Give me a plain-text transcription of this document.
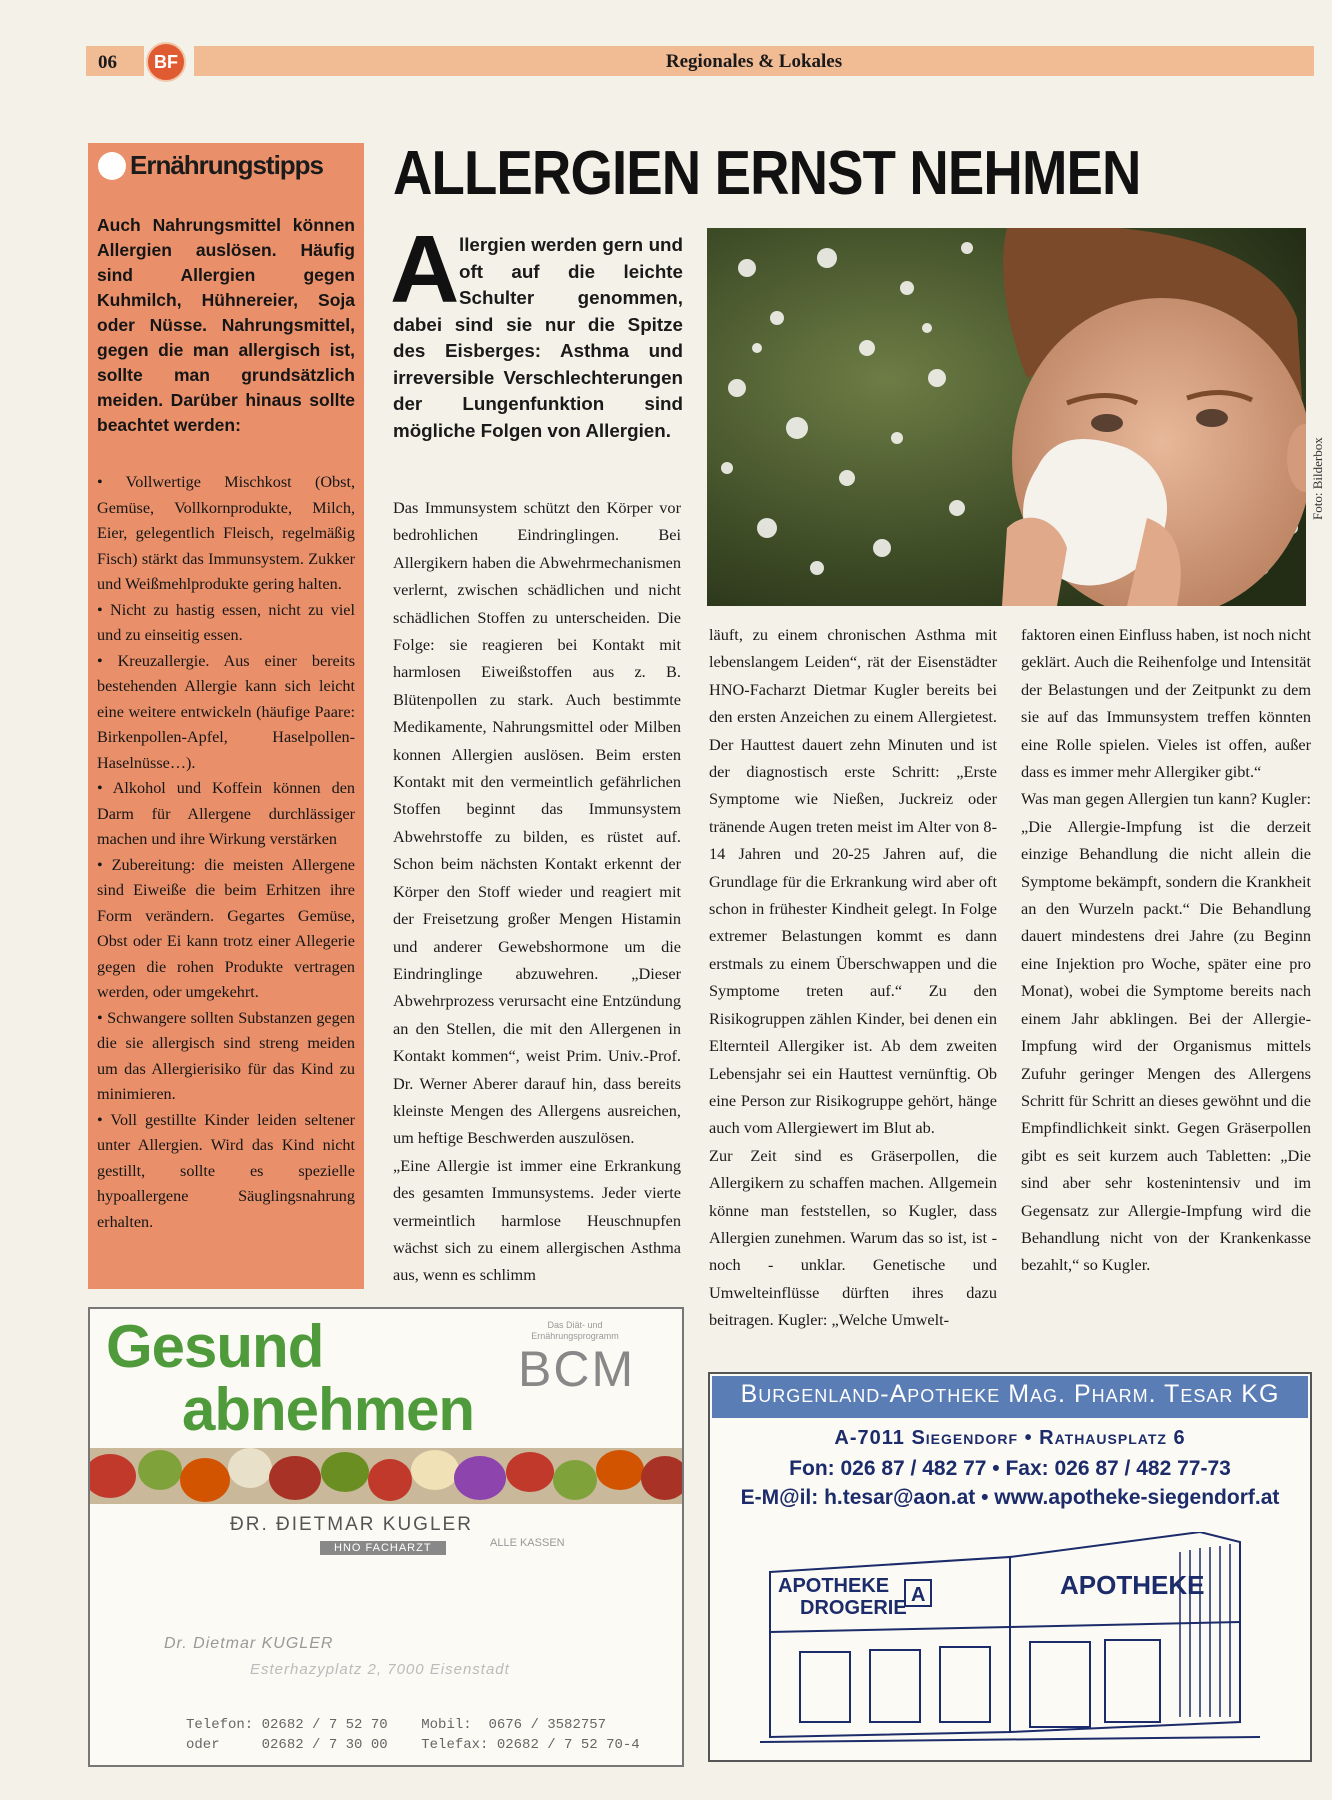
06	BF	Regionales & Lokales
Ernährungstipps
Auch Nahrungsmittel können Allergien auslösen. Häufig sind Allergien gegen Kuhmilch, Hühnereier, Soja oder Nüsse. Nahrungsmittel, gegen die man allergisch ist, sollte man grundsätzlich meiden. Darüber hinaus sollte beachtet werden:
• Vollwertige Mischkost (Obst, Gemüse, Vollkornprodukte, Milch, Eier, gelegentlich Fleisch, regelmäßig Fisch) stärkt das Immunsystem. Zukker und Weißmehlprodukte gering halten.
• Nicht zu hastig essen, nicht zu viel und zu einseitig essen.
• Kreuzallergie. Aus einer bereits bestehenden Allergie kann sich leicht eine weitere entwickeln (häufige Paare: Birkenpollen-Apfel, Haselpollen-Haselnüsse…).
• Alkohol und Koffein können den Darm für Allergene durchlässiger machen und ihre Wirkung verstärken
• Zubereitung: die meisten Allergene sind Eiweiße die beim Erhitzen ihre Form verändern. Gegartes Gemüse, Obst oder Ei kann trotz einer Allegerie gegen die rohen Produkte vertragen werden, oder umgekehrt.
• Schwangere sollten Substanzen gegen die sie allergisch sind streng meiden um das Allergierisiko für das Kind zu minimieren.
• Voll gestillte Kinder leiden seltener unter Allergien. Wird das Kind nicht gestillt, sollte es spezielle hypoallergene Säuglingsnahrung erhalten.
ALLERGIEN ERNST NEHMEN
A llergien werden gern und oft auf die leichte Schulter genommen, dabei sind sie nur die Spitze des Eisberges: Asthma und irreversible Verschlechterungen der Lungenfunktion sind mögliche Folgen von Allergien.

Das Immunsystem schützt den Körper vor bedrohlichen Eindringlingen. Bei Allergikern haben die Abwehrmechanismen verlernt, zwischen schädlichen und nicht schädlichen Stoffen zu unterscheiden. Die Folge: sie reagieren bei Kontakt mit harmlosen Eiweißstoffen aus z. B. Blütenpollen zu stark. Auch bestimmte Medikamente, Nahrungsmittel oder Milben konnen Allergien auslösen. Beim ersten Kontakt mit den vermeintlich gefährlichen Stoffen beginnt das Immunsystem Abwehrstoffe zu bilden, es rüstet auf. Schon beim nächsten Kontakt erkennt der Körper den Stoff wieder und reagiert mit der Freisetzung großer Mengen Histamin und anderer Gewebshormone um die Eindringlinge abzuwehren. „Dieser Abwehrprozess verursacht eine Entzündung an den Stellen, die mit den Allergenen in Kontakt kommen“, weist Prim. Univ.-Prof. Dr. Werner Aberer darauf hin, dass bereits kleinste Mengen des Allergens ausreichen, um heftige Beschwerden auszulösen.

„Eine Allergie ist immer eine Erkrankung des gesamten Immunsystems. Jeder vierte vermeintlich harmlose Heuschnupfen wächst sich zu einem allergischen Asthma aus, wenn es schlimm

läuft, zu einem chronischen Asthma mit lebenslangem Leiden“, rät der Eisenstädter HNO-Facharzt Dietmar Kugler bereits bei den ersten Anzeichen zu einem Allergietest. Der Hauttest dauert zehn Minuten und ist der diagnostisch erste Schritt: „Erste Symptome wie Nießen, Juckreiz oder tränende Augen treten meist im Alter von 8-14 Jahren und 20-25 Jahren auf, die Grundlage für die Erkrankung wird aber oft schon in frühester Kindheit gelegt. In Folge extremer Belastungen kommt es dann erstmals zu einem Überschwappen und die Symptome treten auf.“ Zu den Risikogruppen zählen Kinder, bei denen ein Elternteil Allergiker ist. Ab dem zweiten Lebensjahr sei ein Hauttest vernünftig. Ob eine Person zur Risikogruppe gehört, hänge auch vom Allergiewert im Blut ab.

Zur Zeit sind es Gräserpollen, die Allergikern zu schaffen machen. Allgemein könne man feststellen, so Kugler, dass Allergien zunehmen. Warum das so ist, ist - noch - unklar. Genetische und Umwelteinflüsse dürften ihres dazu beitragen. Kugler: „Welche Umwelt-

faktoren einen Einfluss haben, ist noch nicht geklärt. Auch die Reihenfolge und Intensität der Belastungen und der Zeitpunkt zu dem sie auf das Immunsystem treffen könnten eine Rolle spielen. Vieles ist offen, außer dass es immer mehr Allergiker gibt.“

Was man gegen Allergien tun kann? Kugler: „Die Allergie-Impfung ist die derzeit einzige Behandlung die nicht allein die Symptome bekämpft, sondern die Krankheit an den Wurzeln packt.“ Die Behandlung dauert mindestens drei Jahre (zu Beginn eine Injektion pro Woche, später eine pro Monat), wobei die Symptome bereits nach einem Jahr abklingen. Bei der Allergie-Impfung wird der Organismus mittels Zufuhr geringer Mengen des Allergens Schritt für Schritt an dieses gewöhnt und die Empfindlichkeit sinkt. Gegen Gräserpollen gibt es seit kurzem auch Tabletten: „Die sind aber sehr kostenintensiv und im Gegensatz zur Allergie-Impfung wird die Behandlung nicht von der Krankenkasse bezahlt,“ so Kugler.

Foto: Bilderbox
Gesund
abnehmen
Das Diät- und Ernährungsprogramm
BCM
ÐR. ÐIETMAR KUGLER
HNO FACHARZT	ALLE KASSEN
Dr. Dietmar KUGLER
Esterhazyplatz 2, 7000 Eisenstadt
Telefon: 02682 / 7 52 70    Mobil:  0676 / 3582757
oder     02682 / 7 30 00    Telefax: 02682 / 7 52 70-4
Burgenland-Apotheke Mag. Pharm. Tesar KG
A-7011 Siegendorf • Rathausplatz 6
Fon: 026 87 / 482 77 • Fax: 026 87 / 482 77-73
E-M@il: h.tesar@aon.at • www.apotheke-siegendorf.at
APOTHEKE
DROGERIE
A	APOTHEKE
